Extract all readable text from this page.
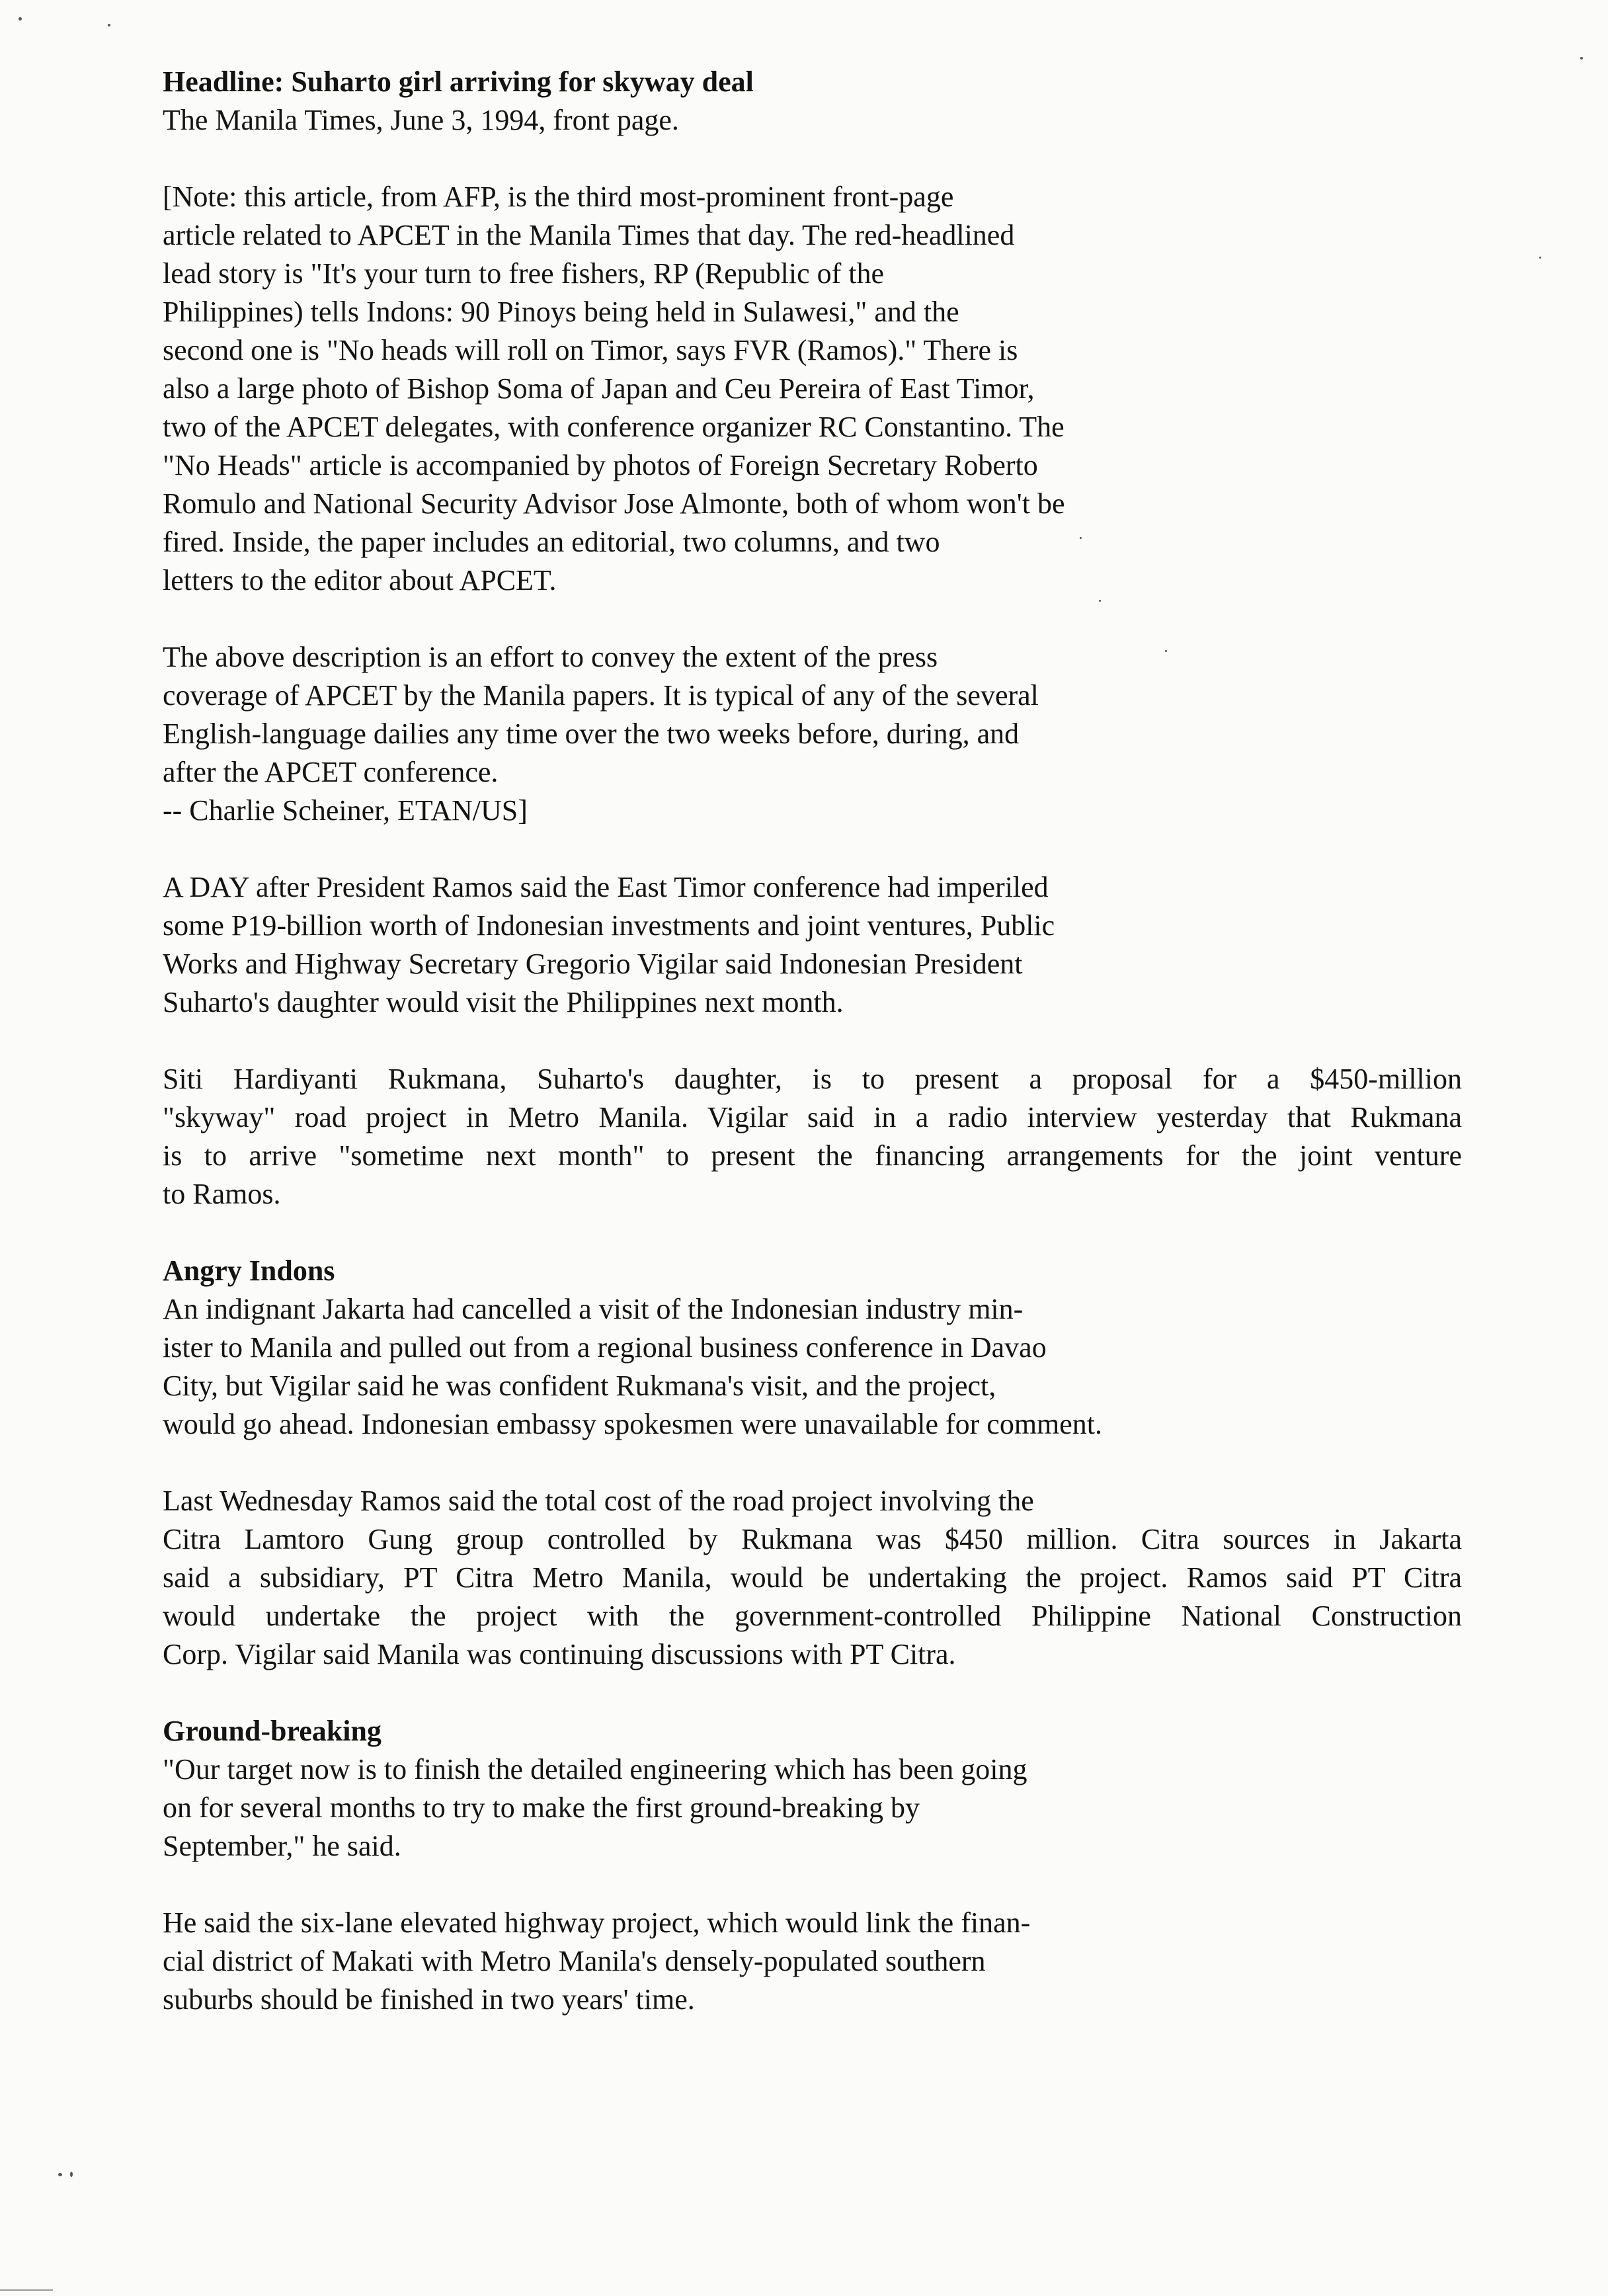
Headline: Suharto girl arriving for skyway deal
The Manila Times, June 3, 1994, front page.
[Note: this article, from AFP, is the third most-prominent front-page
article related to APCET in the Manila Times that day. The red-headlined
lead story is "It's your turn to free fishers, RP (Republic of the
Philippines) tells Indons: 90 Pinoys being held in Sulawesi," and the
second one is "No heads will roll on Timor, says FVR (Ramos)." There is
also a large photo of Bishop Soma of Japan and Ceu Pereira of East Timor,
two of the APCET delegates, with conference organizer RC Constantino. The
"No Heads" article is accompanied by photos of Foreign Secretary Roberto
Romulo and National Security Advisor Jose Almonte, both of whom won't be
fired. Inside, the paper includes an editorial, two columns, and two
letters to the editor about APCET.
The above description is an effort to convey the extent of the press
coverage of APCET by the Manila papers. It is typical of any of the several
English-language dailies any time over the two weeks before, during, and
after the APCET conference.
-- Charlie Scheiner, ETAN/US]
A DAY after President Ramos said the East Timor conference had imperiled
some P19-billion worth of Indonesian investments and joint ventures, Public
Works and Highway Secretary Gregorio Vigilar said Indonesian President
Suharto's daughter would visit the Philippines next month.
Siti Hardiyanti Rukmana, Suharto's daughter, is to present a proposal for a $450-million
"skyway" road project in Metro Manila. Vigilar said in a radio interview yesterday that Rukmana
is to arrive "sometime next month" to present the financing arrangements for the joint venture
to Ramos.
Angry Indons
An indignant Jakarta had cancelled a visit of the Indonesian industry min-
ister to Manila and pulled out from a regional business conference in Davao
City, but Vigilar said he was confident Rukmana's visit, and the project,
would go ahead. Indonesian embassy spokesmen were unavailable for comment.
Last Wednesday Ramos said the total cost of the road project involving the
Citra Lamtoro Gung group controlled by Rukmana was $450 million. Citra sources in Jakarta
said a subsidiary, PT Citra Metro Manila, would be undertaking the project. Ramos said PT Citra
would undertake the project with the government-controlled Philippine National Construction
Corp. Vigilar said Manila was continuing discussions with PT Citra.
Ground-breaking
"Our target now is to finish the detailed engineering which has been going
on for several months to try to make the first ground-breaking by
September," he said.
He said the six-lane elevated highway project, which would link the finan-
cial district of Makati with Metro Manila's densely-populated southern
suburbs should be finished in two years' time.
